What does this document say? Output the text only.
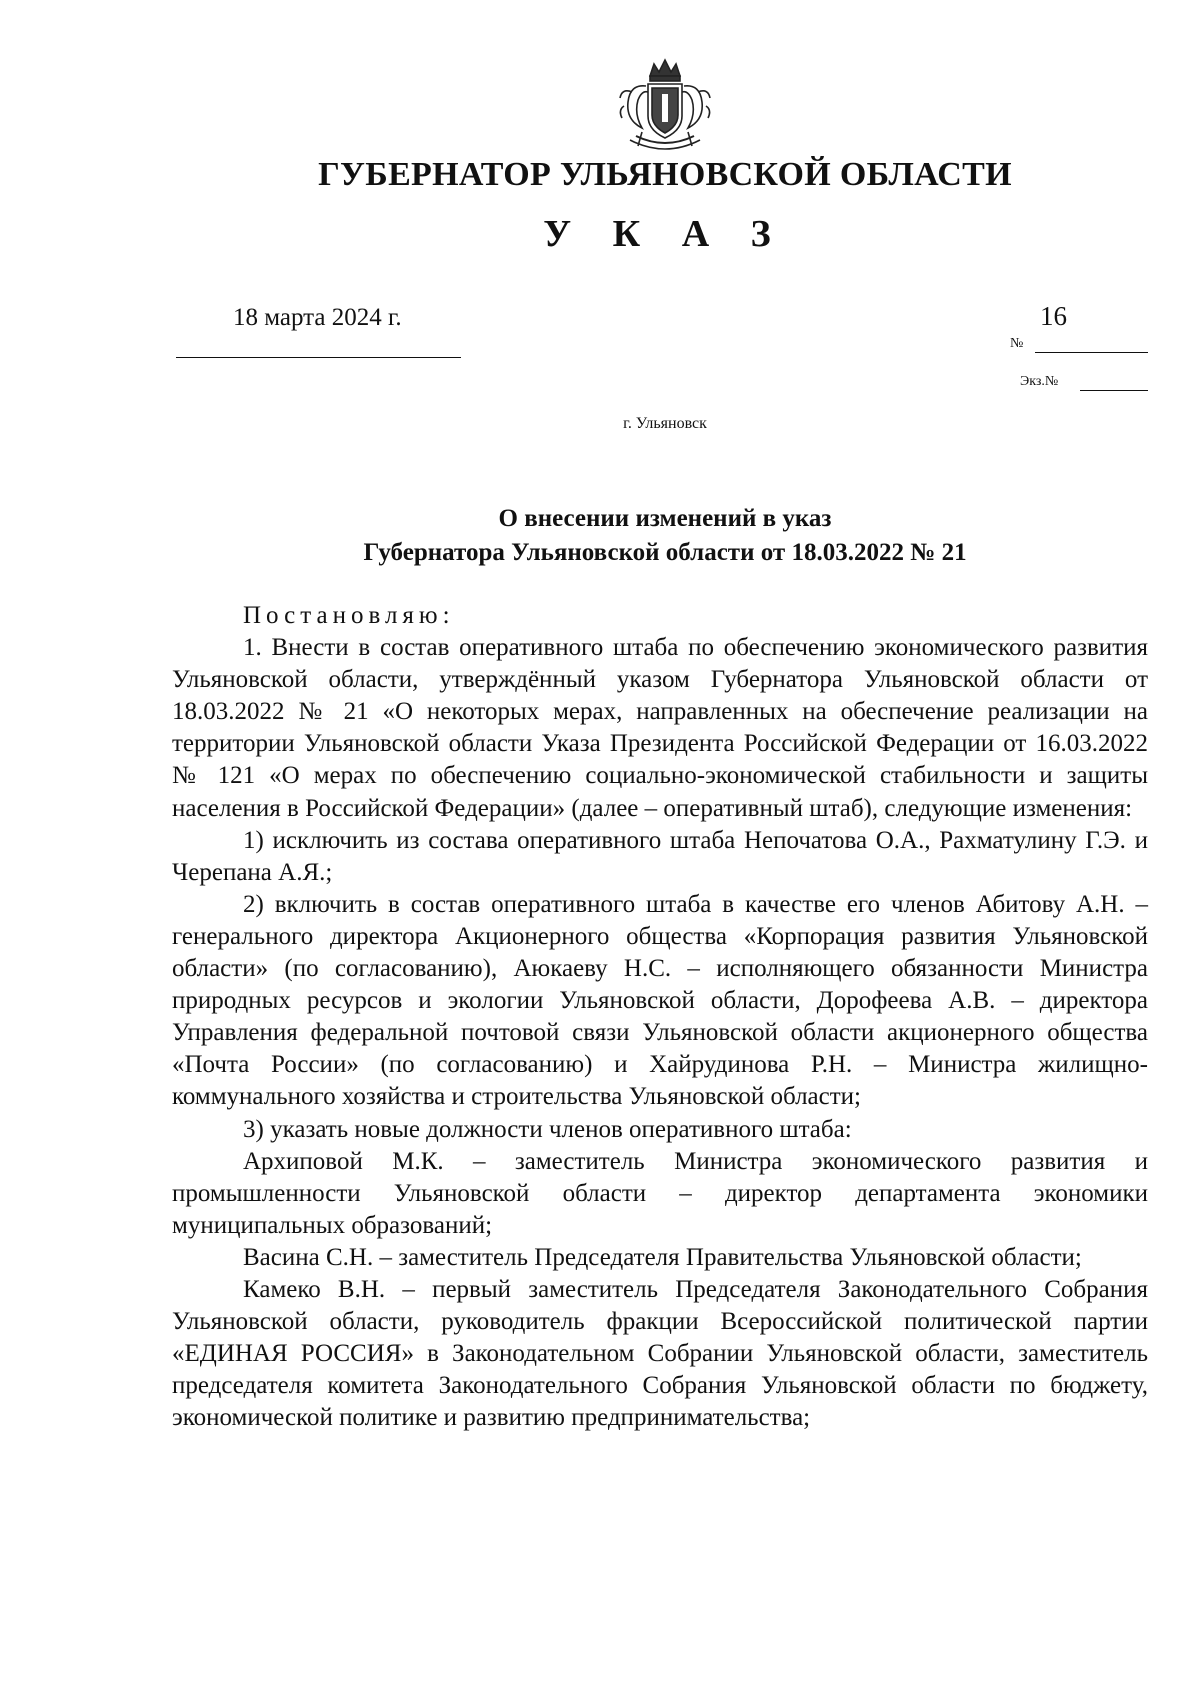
ГУБЕРНАТОР УЛЬЯНОВСКОЙ ОБЛАСТИ
У К А З
18 марта 2024 г.	16
№
Экз.№
г. Ульяновск
О внесении изменений в указ
Губернатора Ульяновской области от 18.03.2022 № 21

Постановляю:

1. Внести в состав оперативного штаба по обеспечению экономического развития Ульяновской области, утверждённый указом Губернатора Ульяновской области от 18.03.2022 № 21 «О некоторых мерах, направленных на обеспечение реализации на территории Ульяновской области Указа Президента Российской Федерации от 16.03.2022 № 121 «О мерах по обеспечению социально-экономической стабильности и защиты населения в Российской Федерации» (далее – оперативный штаб), следующие изменения:

1) исключить из состава оперативного штаба Непочатова О.А., Рахматулину Г.Э. и Черепана А.Я.;

2) включить в состав оперативного штаба в качестве его членов Абитову А.Н. – генерального директора Акционерного общества «Корпорация развития Ульяновской области» (по согласованию), Аюкаеву Н.С. – исполняющего обязанности Министра природных ресурсов и экологии Ульяновской области, Дорофеева А.В. – директора Управления федеральной почтовой связи Ульяновской области акционерного общества «Почта России» (по согласованию) и Хайрудинова Р.Н. – Министра жилищно-коммунального хозяйства и строительства Ульяновской области;

3) указать новые должности членов оперативного штаба:

Архиповой М.К. – заместитель Министра экономического развития и промышленности Ульяновской области – директор департамента экономики муниципальных образований;

Васина С.Н. – заместитель Председателя Правительства Ульяновской области;

Камеко В.Н. – первый заместитель Председателя Законодательного Собрания Ульяновской области, руководитель фракции Всероссийской политической партии «ЕДИНАЯ РОССИЯ» в Законодательном Собрании Ульяновской области, заместитель председателя комитета Законодательного Собрания Ульяновской области по бюджету, экономической политике и развитию предпринимательства;
